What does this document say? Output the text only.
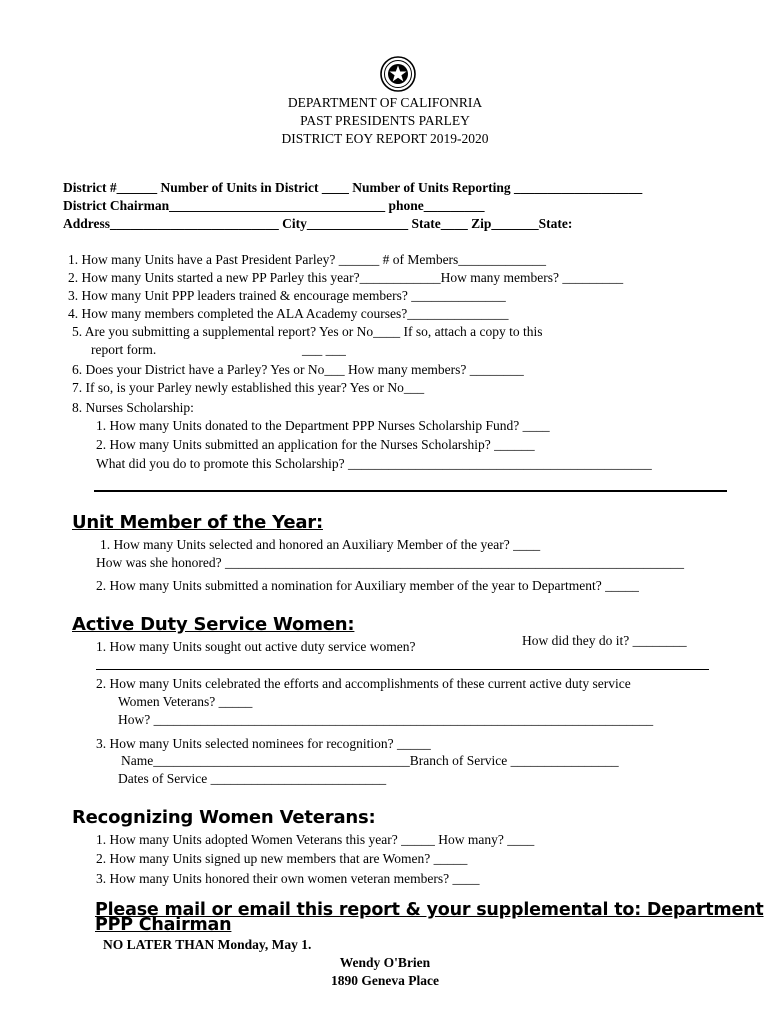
DEPARTMENT OF CALIFONRIA
PAST PRESIDENTS PARLEY
DISTRICT EOY REPORT 2019-2020
District #______ Number of Units in District ____ Number of Units Reporting ___________________
District Chairman________________________________ phone_________
Address_________________________ City_______________ State____ Zip_______State:
1. How many Units have a Past President Parley? ______ # of Members_____________
2. How many Units started a new PP Parley this year?____________How many members? _________
3. How many Unit PPP leaders trained & encourage members? ______________
4. How many members completed the ALA Academy courses?_______________
5. Are you submitting a supplemental report? Yes or No____ If so, attach a copy to this
report form.	___ ___
6. Does your District have a Parley? Yes or No___ How many members? ________
7. If so, is your Parley newly established this year? Yes or No___
8. Nurses Scholarship:
1. How many Units donated to the Department PPP Nurses Scholarship Fund? ____
2. How many Units submitted an application for the Nurses Scholarship? ______
What did you do to promote this Scholarship? _____________________________________________
Unit Member of the Year:
1. How many Units selected and honored an Auxiliary Member of the year? ____
How was she honored? ____________________________________________________________________
2. How many Units submitted a nomination for Auxiliary member of the year to Department? _____
Active Duty Service Women:
1. How many Units sought out active duty service women?	How did they do it? ________
2. How many Units celebrated the efforts and accomplishments of these current active duty service
Women Veterans? _____
How? __________________________________________________________________________
3. How many Units selected nominees for recognition? _____
Name______________________________________Branch of Service ________________
Dates of Service __________________________
Recognizing Women Veterans:
1. How many Units adopted Women Veterans this year? _____ How many? ____
2. How many Units signed up new members that are Women? _____
3. How many Units honored their own women veteran members? ____
Please mail or email this report & your supplemental to: Department
PPP Chairman
NO LATER THAN Monday, May 1.
Wendy O'Brien
1890 Geneva Place
